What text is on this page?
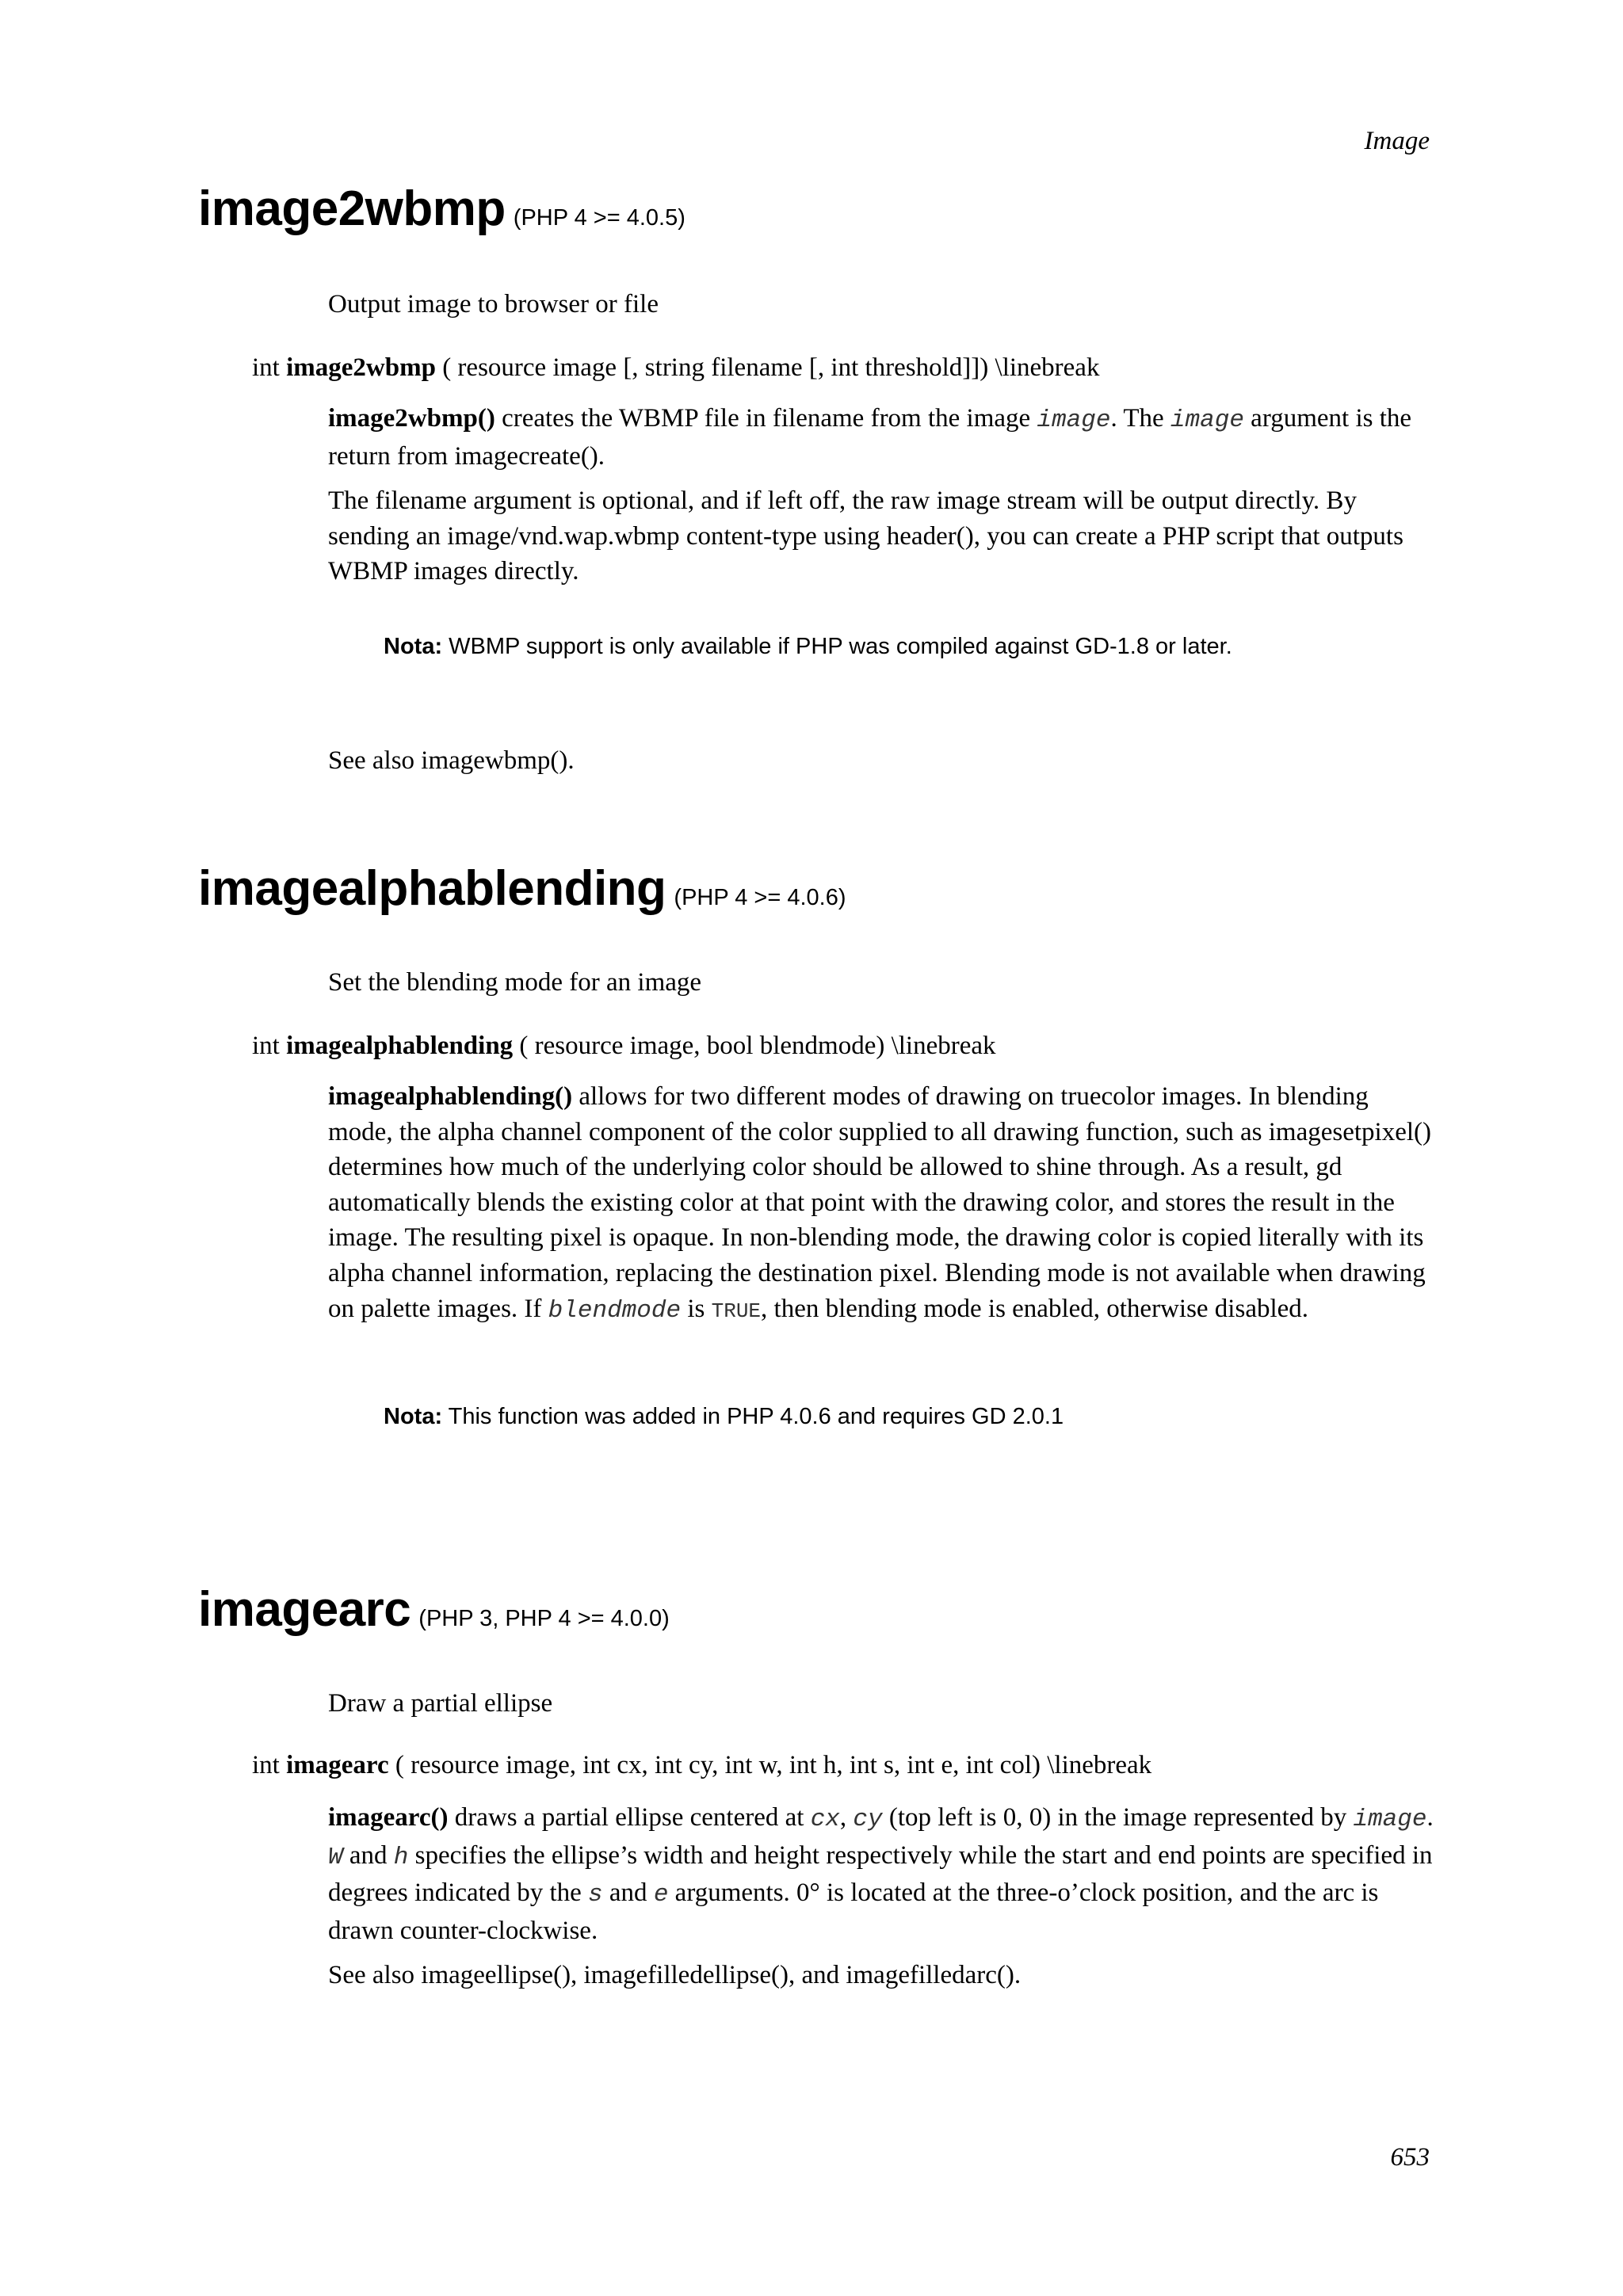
Image
image2wbmp (PHP 4 >= 4.0.5)
Output image to browser or file
int image2wbmp ( resource image [, string filename [, int threshold]]) \linebreak

image2wbmp() creates the WBMP file in filename from the image image. The image argument is the return from imagecreate().

The filename argument is optional, and if left off, the raw image stream will be output directly. By sending an image/vnd.wap.wbmp content-type using header(), you can create a PHP script that outputs WBMP images directly.

Nota: WBMP support is only available if PHP was compiled against GD-1.8 or later.
See also imagewbmp().
imagealphablending (PHP 4 >= 4.0.6)
Set the blending mode for an image
int imagealphablending ( resource image, bool blendmode) \linebreak

imagealphablending() allows for two different modes of drawing on truecolor images. In blending mode, the alpha channel component of the color supplied to all drawing function, such as imagesetpixel() determines how much of the underlying color should be allowed to shine through. As a result, gd automatically blends the existing color at that point with the drawing color, and stores the result in the image. The resulting pixel is opaque. In non-blending mode, the drawing color is copied literally with its alpha channel information, replacing the destination pixel. Blending mode is not available when drawing on palette images. If blendmode is TRUE, then blending mode is enabled, otherwise disabled.

Nota: This function was added in PHP 4.0.6 and requires GD 2.0.1
imagearc (PHP 3, PHP 4 >= 4.0.0)
Draw a partial ellipse
int imagearc ( resource image, int cx, int cy, int w, int h, int s, int e, int col) \linebreak

imagearc() draws a partial ellipse centered at cx, cy (top left is 0, 0) in the image represented by image. W and h specifies the ellipse’s width and height respectively while the start and end points are specified in degrees indicated by the s and e arguments. 0° is located at the three-o’clock position, and the arc is drawn counter-clockwise.

See also imageellipse(), imagefilledellipse(), and imagefilledarc().

653
